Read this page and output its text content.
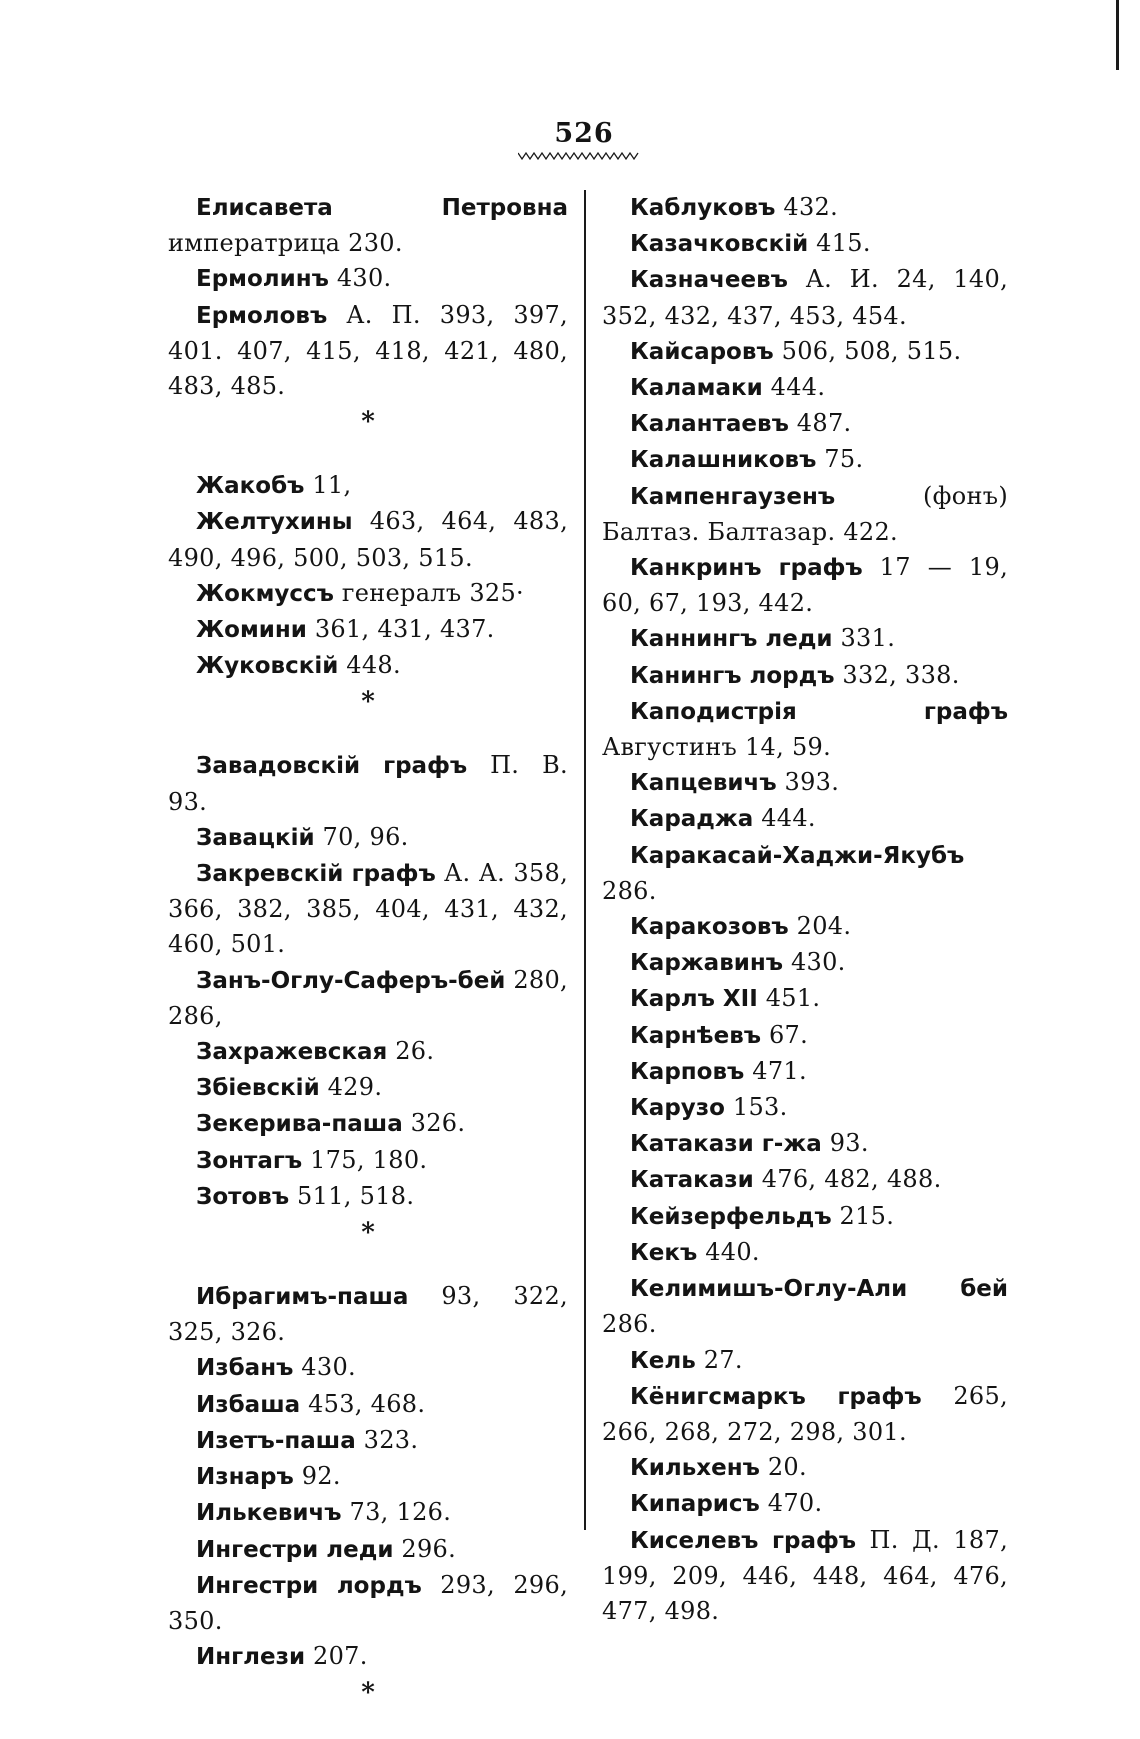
526
Елисавета Петровна императрица 230.
Ермолинъ 430.
Ермоловъ А. П. 393, 397, 401. 407, 415, 418, 421, 480, 483, 485.
*
Жакобъ 11,
Желтухины 463, 464, 483, 490, 496, 500, 503, 515.
Жокмуссъ генералъ 325·
Жомини 361, 431, 437.
Жуковскій 448.
*
Завадовскій графъ П. В. 93.
Завацкій 70, 96.
Закревскій графъ А. А. 358, 366, 382, 385, 404, 431, 432, 460, 501.
Занъ-Оглу-Саферъ-бей 280, 286,
Захражевская 26.
Збіевскій 429.
Зекерива-паша 326.
Зонтагъ 175, 180.
Зотовъ 511, 518.
*
Ибрагимъ-паша 93, 322, 325, 326.
Избанъ 430.
Избаша 453, 468.
Изетъ-паша 323.
Изнаръ 92.
Илькевичъ 73, 126.
Ингестри леди 296.
Ингестри лордъ 293, 296, 350.
Инглези 207.
*
Каблуковъ 432.
Казачковскій 415.
Казначеевъ А. И. 24, 140, 352, 432, 437, 453, 454.
Кайсаровъ 506, 508, 515.
Каламаки 444.
Калантаевъ 487.
Калашниковъ 75.
Кампенгаузенъ (фонъ) Балтаз. Балтазар. 422.
Канкринъ графъ 17 — 19, 60, 67, 193, 442.
Каннингъ леди 331.
Канингъ лордъ 332, 338.
Каподистрія графъ Августинъ 14, 59.
Капцевичъ 393.
Караджа 444.
Каракасай-Хаджи-Якубъ 286.
Каракозовъ 204.
Каржавинъ 430.
Карлъ XII 451.
Карнѣевъ 67.
Карповъ 471.
Карузо 153.
Катакази г-жа 93.
Катакази 476, 482, 488.
Кейзерфельдъ 215.
Кекъ 440.
Келимишъ-Оглу-Али бей 286.
Кель 27.
Кёнигсмаркъ графъ 265, 266, 268, 272, 298, 301.
Кильхенъ 20.
Кипарисъ 470.
Киселевъ графъ П. Д. 187, 199, 209, 446, 448, 464, 476, 477, 498.
